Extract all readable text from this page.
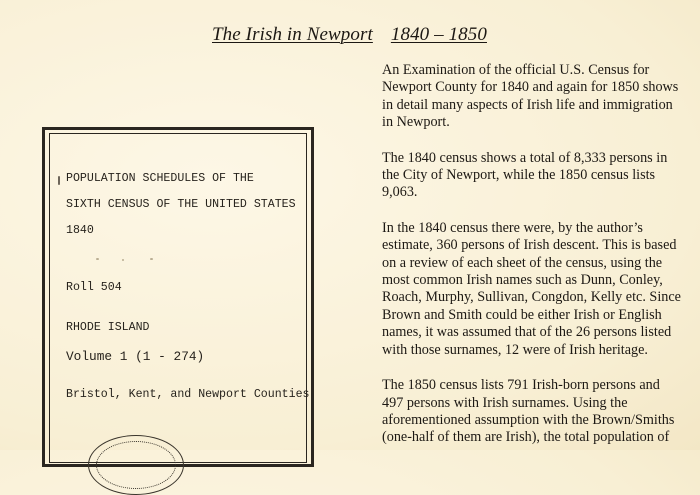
The Irish in Newport 1840 – 1850

An Examination of the official U.S. Census for Newport County for 1840 and again for 1850 shows in detail many aspects of Irish life and immigration in Newport.

The 1840 census shows a total of 8,333 persons in the City of Newport, while the 1850 census lists 9,063.

In the 1840 census there were, by the author’s estimate, 360 persons of Irish descent. This is based on a review of each sheet of the census, using the most common Irish names such as Dunn, Conley, Roach, Murphy, Sullivan, Congdon, Kelly etc. Since Brown and Smith could be either Irish or English names, it was assumed that of the 26 persons listed with those surnames, 12 were of Irish heritage.

The 1850 census lists 791 Irish-born persons and 497 persons with Irish surnames. Using the aforementioned assumption with the Brown/Smiths (one-half of them are Irish), the total population of

POPULATION SCHEDULES OF THE
SIXTH CENSUS OF THE UNITED STATES
1840
Roll 504
RHODE ISLAND
Volume 1 (1 - 274)
Bristol, Kent, and Newport Counties
